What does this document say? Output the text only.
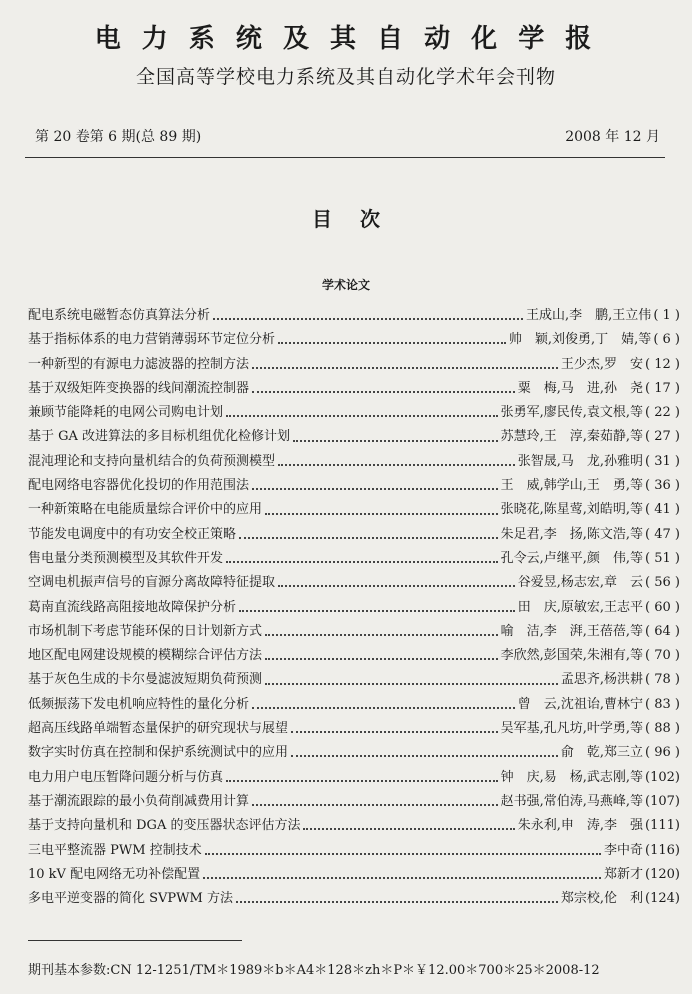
电 力 系 统 及 其 自 动 化 学 报
全国高等学校电力系统及其自动化学术年会刊物
第 20 卷第 6 期(总 89 期)	2008 年 12 月
目次
学术论文
配电系统电磁暂态仿真算法分析	王成山,李　鹏,王立伟 ( 1 )
基于指标体系的电力营销薄弱环节定位分析	帅　颖,刘俊勇,丁　婧,等 ( 6 )
一种新型的有源电力滤波器的控制方法	王少杰,罗　安 ( 12 )
基于双级矩阵变换器的线间潮流控制器	粟　梅,马　进,孙　尧 ( 17 )
兼顾节能降耗的电网公司购电计划	张勇军,廖民传,袁文根,等 ( 22 )
基于 GA 改进算法的多目标机组优化检修计划	苏慧玲,王　淳,秦茹静,等 ( 27 )
混沌理论和支持向量机结合的负荷预测模型	张智晟,马　龙,孙雅明 ( 31 )
配电网络电容器优化投切的作用范围法	王　威,韩学山,王　勇,等 ( 36 )
一种新策略在电能质量综合评价中的应用	张晓花,陈星莺,刘皓明,等 ( 41 )
节能发电调度中的有功安全校正策略	朱足君,李　扬,陈文浩,等 ( 47 )
售电量分类预测模型及其软件开发	孔令云,卢继平,颜　伟,等 ( 51 )
空调电机振声信号的盲源分离故障特征提取	谷爱昱,杨志宏,章　云 ( 56 )
葛南直流线路高阻接地故障保护分析	田　庆,原敏宏,王志平 ( 60 )
市场机制下考虑节能环保的日计划新方式	喻　洁,李　湃,王蓓蓓,等 ( 64 )
地区配电网建设规模的模糊综合评估方法	李欣然,彭国荣,朱湘有,等 ( 70 )
基于灰色生成的卡尔曼滤波短期负荷预测	孟思齐,杨洪耕 ( 78 )
低频振荡下发电机响应特性的量化分析	曾　云,沈祖诒,曹林宁 ( 83 )
超高压线路单端暂态量保护的研究现状与展望	吴军基,孔凡坊,叶学勇,等 ( 88 )
数字实时仿真在控制和保护系统测试中的应用	俞　乾,郑三立 ( 96 )
电力用户电压暂降问题分析与仿真	钟　庆,易　杨,武志刚,等 (102)
基于潮流跟踪的最小负荷削减费用计算	赵书强,常伯涛,马燕峰,等 (107)
基于支持向量机和 DGA 的变压器状态评估方法	朱永利,申　涛,李　强 (111)
三电平整流器 PWM 控制技术	李中奇 (116)
10 kV 配电网络无功补偿配置	郑新才 (120)
多电平逆变器的简化 SVPWM 方法	郑宗校,伦　利 (124)
期刊基本参数:CN 12-1251/TM＊1989＊b＊A4＊128＊zh＊P＊￥12.00＊700＊25＊2008-12
